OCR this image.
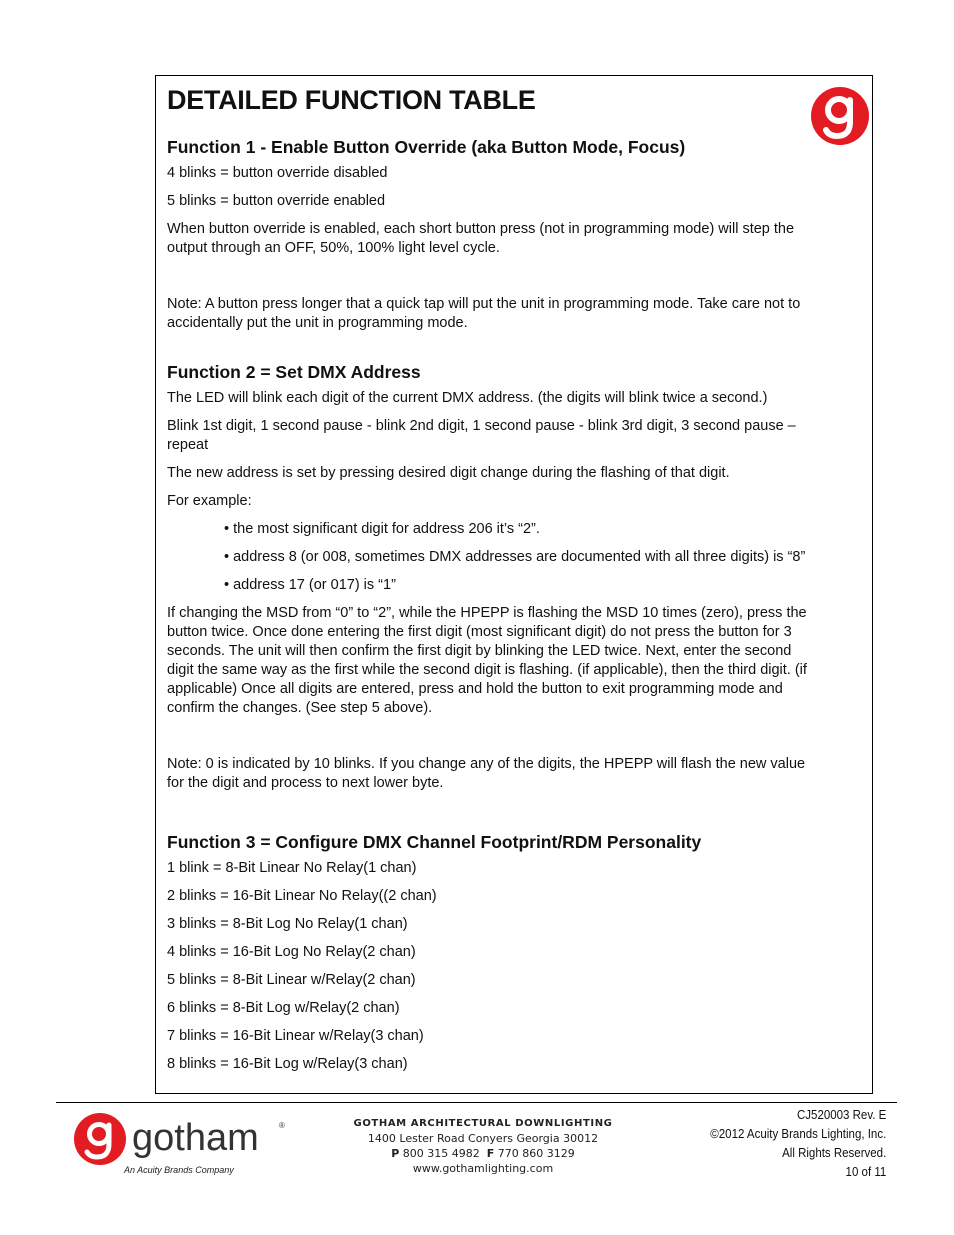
DETAILED FUNCTION TABLE
Function 1 - Enable Button Override (aka Button Mode, Focus)

4 blinks = button override disabled

5 blinks = button override enabled

When button override is enabled, each short button press (not in programming mode) will step the

output through an OFF, 50%, 100% light level cycle.

Note: A button press longer that a quick tap will put the unit in programming mode. Take care not to

accidentally put the unit in programming mode.

Function 2 = Set DMX Address

The LED will blink each digit of the current DMX address. (the digits will blink twice a second.)

Blink 1st digit, 1 second pause - blink 2nd digit, 1 second pause - blink 3rd digit, 3 second pause –

repeat

The new address is set by pressing desired digit change during the flashing of that digit.

For example:

• the most significant digit for address 206 it’s “2”.

• address 8 (or 008, sometimes DMX addresses are documented with all three digits) is “8”

• address 17 (or 017) is “1”

If changing the MSD from “0” to “2”, while the HPEPP is flashing the MSD 10 times (zero), press the

button twice. Once done entering the first digit (most significant digit) do not press the button for 3

seconds. The unit will then confirm the first digit by blinking the LED twice. Next, enter the second

digit the same way as the first while the second digit is flashing. (if applicable), then the third digit. (if

applicable) Once all digits are entered, press and hold the button to exit programming mode and

confirm the changes. (See step 5 above).

Note: 0 is indicated by 10 blinks. If you change any of the digits, the HPEPP will flash the new value

for the digit and process to next lower byte.

Function 3 = Configure DMX Channel Footprint/RDM Personality

1 blink = 8-Bit Linear No Relay(1 chan)

2 blinks = 16-Bit Linear No Relay((2 chan)

3 blinks = 8-Bit Log No Relay(1 chan)

4 blinks = 16-Bit Log No Relay(2 chan)

5 blinks = 8-Bit Linear w/Relay(2 chan)

6 blinks = 8-Bit Log w/Relay(2 chan)

7 blinks = 16-Bit Linear w/Relay(3 chan)

8 blinks = 16-Bit Log w/Relay(3 chan)

gotham	®
An Acuity Brands Company
GOTHAM ARCHITECTURAL DOWNLIGHTING
1400 Lester Road Conyers Georgia 30012
P 800 315 4982 F 770 860 3129
www.gothamlighting.com
CJ520003 Rev. E
©2012 Acuity Brands Lighting, Inc.
All Rights Reserved.
10 of 11
